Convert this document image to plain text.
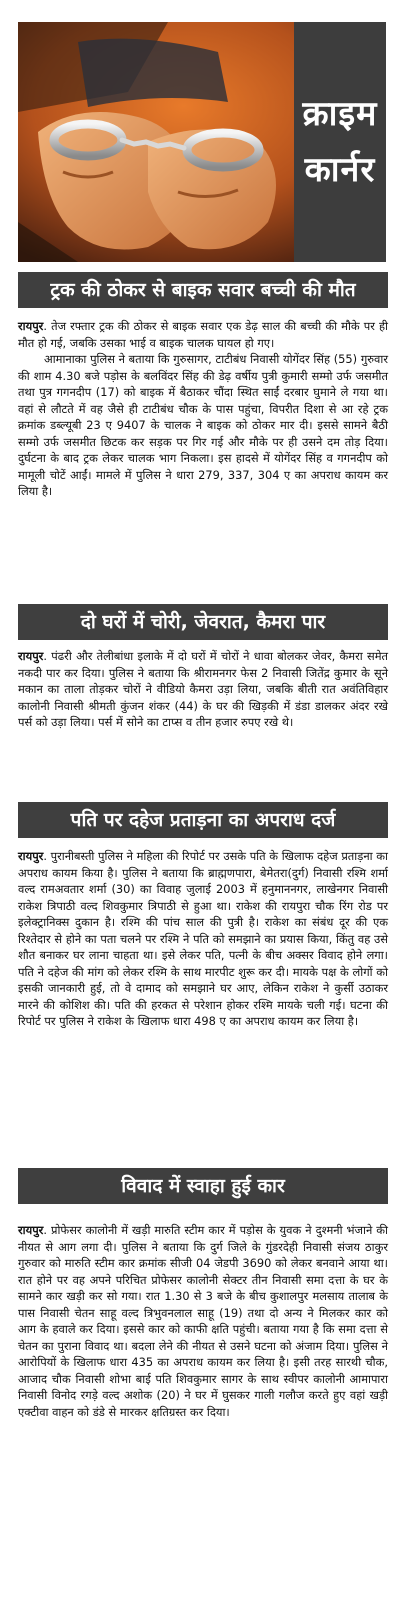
क्राइम
कार्नर
ट्रक की ठोकर से बाइक सवार बच्ची की मौत

रायपुर. तेज रफ्तार ट्रक की ठोकर से बाइक सवार एक डेढ़ साल की बच्ची की मौके पर ही मौत हो गई, जबकि उसका भाई व बाइक चालक घायल हो गए।

आमानाका पुलिस ने बताया कि गुरुसागर, टाटीबंध निवासी योगेंदर सिंह (55) गुरुवार की शाम 4.30 बजे पड़ोस के बलविंदर सिंह की डेढ़ वर्षीय पुत्री कुमारी सम्मो उर्फ जसमीत तथा पुत्र गगनदीप (17) को बाइक में बैठाकर चौंदा स्थित साईं दरबार घुमाने ले गया था। वहां से लौटते में वह जैसे ही टाटीबंध चौक के पास पहुंचा, विपरीत दिशा से आ रहे ट्रक क्रमांक डब्ल्यूबी 23 ए 9407 के चालक ने बाइक को ठोकर मार दी। इससे सामने बैठी सम्मो उर्फ जसमीत छिटक कर सड़क पर गिर गई और मौके पर ही उसने दम तोड़ दिया। दुर्घटना के बाद ट्रक लेकर चालक भाग निकला। इस हादसे में योगेंदर सिंह व गगनदीप को मामूली चोटें आईं। मामले में पुलिस ने धारा 279, 337, 304 ए का अपराध कायम कर लिया है।

दो घरों में चोरी, जेवरात, कैमरा पार

रायपुर. पंढरी और तेलीबांधा इलाके में दो घरों में चोरों ने धावा बोलकर जेवर, कैमरा समेत नकदी पार कर दिया। पुलिस ने बताया कि श्रीरामनगर फेस 2 निवासी जितेंद्र कुमार के सूने मकान का ताला तोड़कर चोरों ने वीडियो कैमरा उड़ा लिया, जबकि बीती रात अवंतिविहार कालोनी निवासी श्रीमती कुंजन शंकर (44) के घर की खिड़की में डंडा डालकर अंदर रखे पर्स को उड़ा लिया। पर्स में सोने का टाप्स व तीन हजार रुपए रखे थे।

पति पर दहेज प्रताड़ना का अपराध दर्ज

रायपुर. पुरानीबस्ती पुलिस ने महिला की रिपोर्ट पर उसके पति के खिलाफ दहेज प्रताड़ना का अपराध कायम किया है। पुलिस ने बताया कि ब्राह्मणपारा, बेमेतरा(दुर्ग) निवासी रश्मि शर्मा वल्द रामअवतार शर्मा (30) का विवाह जुलाई 2003 में हनुमाननगर, लाखेनगर निवासी राकेश त्रिपाठी वल्द शिवकुमार त्रिपाठी से हुआ था। राकेश की रायपुरा चौक रिंग रोड पर इलेक्ट्रानिक्स दुकान है। रश्मि की पांच साल की पुत्री है। राकेश का संबंध दूर की एक रिश्तेदार से होने का पता चलने पर रश्मि ने पति को समझाने का प्रयास किया, किंतु वह उसे शौत बनाकर घर लाना चाहता था। इसे लेकर पति, पत्नी के बीच अक्सर विवाद होने लगा। पति ने दहेज की मांग को लेकर रश्मि के साथ मारपीट शुरू कर दी। मायके पक्ष के लोगों को इसकी जानकारी हुई, तो वे दामाद को समझाने घर आए, लेकिन राकेश ने कुर्सी उठाकर मारने की कोशिश की। पति की हरकत से परेशान होकर रश्मि मायके चली गई। घटना की रिपोर्ट पर पुलिस ने राकेश के खिलाफ धारा 498 ए का अपराध कायम कर लिया है।

विवाद में स्वाहा हुई कार

रायपुर. प्रोफेसर कालोनी में खड़ी मारुति स्टीम कार में पड़ोस के युवक ने दुश्मनी भंजाने की नीयत से आग लगा दी। पुलिस ने बताया कि दुर्ग जिले के गुंडरदेही निवासी संजय ठाकुर गुरुवार को मारुति स्टीम कार क्रमांक सीजी 04 जेडपी 3690 को लेकर बनवाने आया था। रात होने पर वह अपने परिचित प्रोफेसर कालोनी सेक्टर तीन निवासी समा दत्ता के घर के सामने कार खड़ी कर सो गया। रात 1.30 से 3 बजे के बीच कुशालपुर मलसाय तालाब के पास निवासी चेतन साहू वल्द त्रिभुवनलाल साहू (19) तथा दो अन्य ने मिलकर कार को आग के हवाले कर दिया। इससे कार को काफी क्षति पहुंची। बताया गया है कि समा दत्ता से चेतन का पुराना विवाद था। बदला लेने की नीयत से उसने घटना को अंजाम दिया। पुलिस ने आरोपियों के खिलाफ धारा 435 का अपराध कायम कर लिया है। इसी तरह सारथी चौक, आजाद चौक निवासी शोभा बाई पति शिवकुमार सागर के साथ स्वीपर कालोनी आमापारा निवासी विनोद रगड़े वल्द अशोक (20) ने घर में घुसकर गाली गलौज करते हुए वहां खड़ी एक्टीवा वाहन को डंडे से मारकर क्षतिग्रस्त कर दिया।
